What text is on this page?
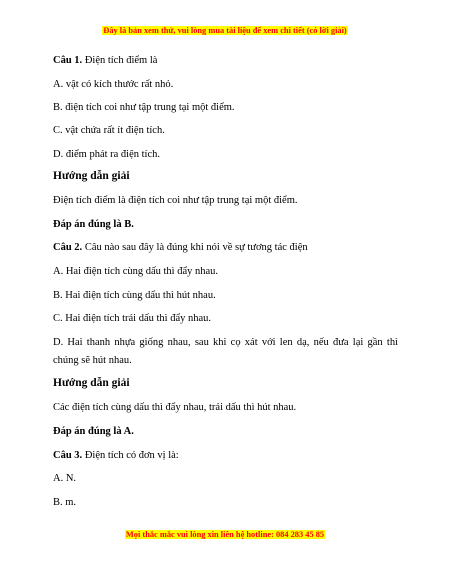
Đây là bản xem thử, vui lòng mua tài liệu để xem chi tiết (có lời giải)
Câu 1. Điện tích điểm là
A. vật có kích thước rất nhỏ.
B. điện tích coi như tập trung tại một điểm.
C. vật chứa rất ít điện tích.
D. điểm phát ra điện tích.
Hướng dẫn giải
Điện tích điểm là điện tích coi như tập trung tại một điểm.
Đáp án đúng là B.
Câu 2. Câu nào sau đây là đúng khi nói về sự tương tác điện
A. Hai điện tích cùng dấu thì đẩy nhau.
B. Hai điện tích cùng dấu thì hút nhau.
C. Hai điện tích trái dấu thì đẩy nhau.
D. Hai thanh nhựa giống nhau, sau khi cọ xát với len dạ, nếu đưa lại gần thì
chúng sẽ hút nhau.
Hướng dẫn giải
Các điện tích cùng dấu thì đẩy nhau, trái dấu thì hút nhau.
Đáp án đúng là A.
Câu 3. Điện tích có đơn vị là:
A. N.
B. m.
Mọi thắc mắc vui lòng xin liên hệ hotline: 084 283 45 85
